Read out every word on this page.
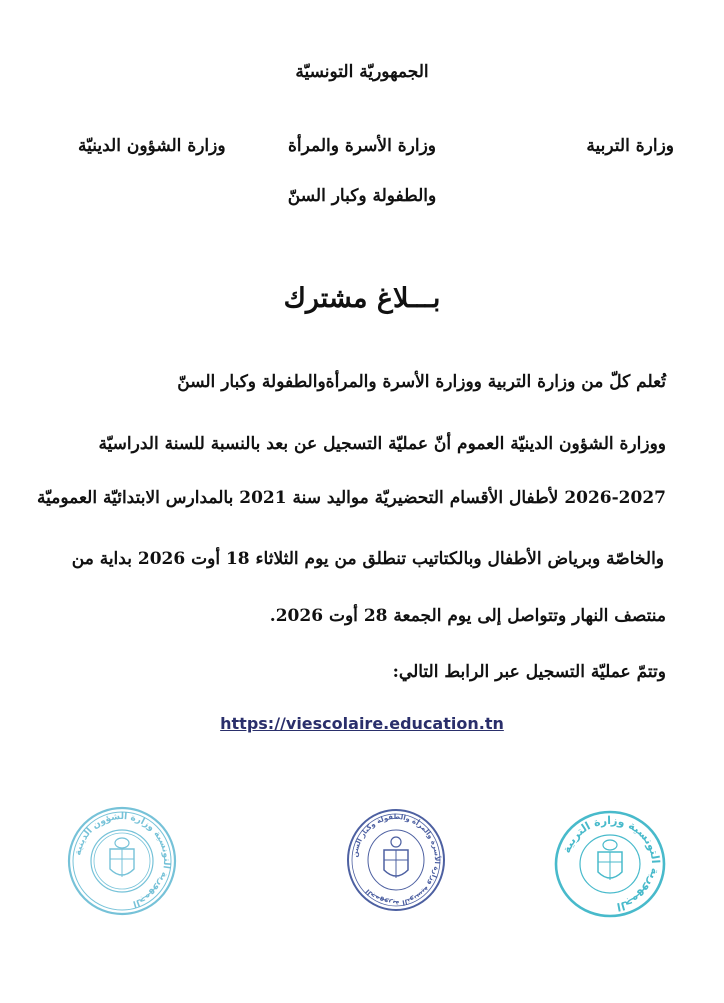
الجمهوريّة التونسيّة
وزارة التربية
وزارة الأسرة والمرأة
والطفولة وكبار السنّ
وزارة الشؤون الدينيّة
بـــلاغ مشترك
تُعلم كلّ من وزارة التربية ووزارة الأسرة والمرأةوالطفولة وكبار السنّ
ووزارة الشؤون الدينيّة العموم أنّ عمليّة التسجيل عن بعد بالنسبة للسنة الدراسيّة
2026-2027 لأطفال الأقسام التحضيريّة مواليد سنة 2021 بالمدارس الابتدائيّة العموميّة
والخاصّة وبرياض الأطفال وبالكتاتيب تنطلق من يوم الثلاثاء 18 أوت 2026 بداية من
منتصف النهار وتتواصل إلى يوم الجمعة 28 أوت 2026.
وتتمّ عمليّة التسجيل عبر الرابط التالي:
https://viescolaire.education.tn
الجمهورية التونسية وزارة الشؤون الدينية
الجمهورية التونسية وزارة الأسرة والمرأة والطفولة وكبار السن
الجمهورية التونسية وزارة التربية
